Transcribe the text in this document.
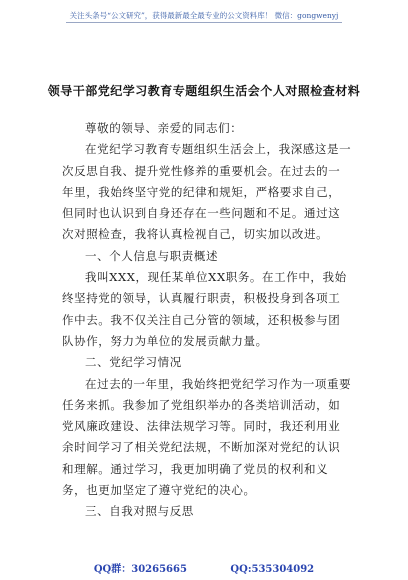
关注头条号“公文研究”，获得最新最全最专业的公文资料库！ 微信：gongwenyj
领导干部党纪学习教育专题组织生活会个人对照检查材料

尊敬的领导、亲爱的同志们：

在党纪学习教育专题组织生活会上，我深感这是一次反思自我、提升党性修养的重要机会。在过去的一年里，我始终坚守党的纪律和规矩，严格要求自己，但同时也认识到自身还存在一些问题和不足。通过这次对照检查，我将认真检视自己，切实加以改进。

一、个人信息与职责概述

我叫XXX，现任某单位XX职务。在工作中，我始终坚持党的领导，认真履行职责，积极投身到各项工作中去。我不仅关注自己分管的领域，还积极参与团队协作，努力为单位的发展贡献力量。

二、党纪学习情况

在过去的一年里，我始终把党纪学习作为一项重要任务来抓。我参加了党组织举办的各类培训活动，如党风廉政建设、法律法规学习等。同时，我还利用业余时间学习了相关党纪法规，不断加深对党纪的认识和理解。通过学习，我更加明确了党员的权利和义务，也更加坚定了遵守党纪的决心。

三、自我对照与反思

QQ群：30265665	QQ:535304092
